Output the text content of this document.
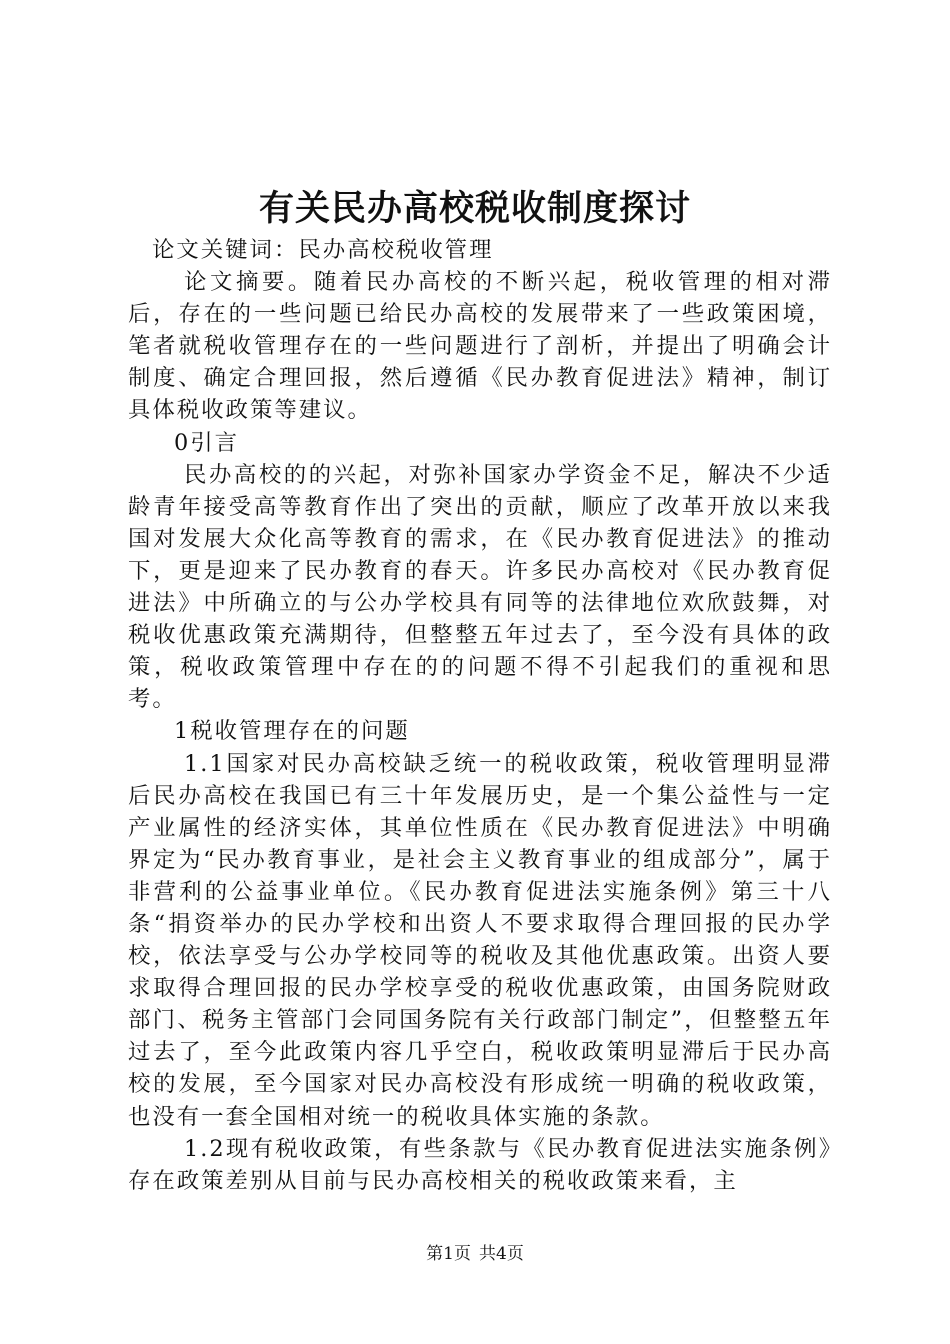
有关民办高校税收制度探讨

论文关键词：民办高校税收管理

论文摘要。随着民办高校的不断兴起，税收管理的相对滞后，存在的一些问题已给民办高校的发展带来了一些政策困境，笔者就税收管理存在的一些问题进行了剖析，并提出了明确会计制度、确定合理回报，然后遵循《民办教育促进法》精神，制订具体税收政策等建议。

0引言

民办高校的的兴起，对弥补国家办学资金不足，解决不少适龄青年接受高等教育作出了突出的贡献，顺应了改革开放以来我国对发展大众化高等教育的需求，在《民办教育促进法》的推动下，更是迎来了民办教育的春天。许多民办高校对《民办教育促进法》中所确立的与公办学校具有同等的法律地位欢欣鼓舞，对税收优惠政策充满期待，但整整五年过去了，至今没有具体的政策，税收政策管理中存在的的问题不得不引起我们的重视和思考。

1税收管理存在的问题

1.1国家对民办高校缺乏统一的税收政策，税收管理明显滞后民办高校在我国已有三十年发展历史，是一个集公益性与一定产业属性的经济实体，其单位性质在《民办教育促进法》中明确界定为“民办教育事业，是社会主义教育事业的组成部分”，属于非营利的公益事业单位。《民办教育促进法实施条例》第三十八条“捐资举办的民办学校和出资人不要求取得合理回报的民办学校，依法享受与公办学校同等的税收及其他优惠政策。出资人要求取得合理回报的民办学校享受的税收优惠政策，由国务院财政部门、税务主管部门会同国务院有关行政部门制定”，但整整五年过去了，至今此政策内容几乎空白，税收政策明显滞后于民办高校的发展，至今国家对民办高校没有形成统一明确的税收政策，也没有一套全国相对统一的税收具体实施的条款。

1.2现有税收政策，有些条款与《民办教育促进法实施条例》存在政策差别从目前与民办高校相关的税收政策来看，主

第1页 共4页
